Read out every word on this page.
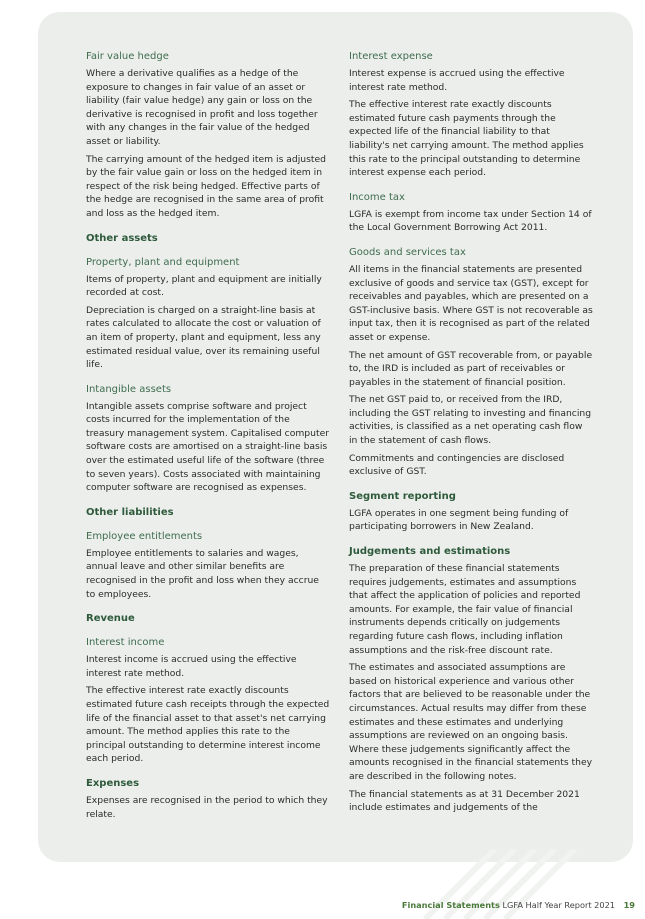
Fair value hedge

Where a derivative qualifies as a hedge of the exposure to changes in fair value of an asset or liability (fair value hedge) any gain or loss on the derivative is recognised in profit and loss together with any changes in the fair value of the hedged asset or liability.

The carrying amount of the hedged item is adjusted by the fair value gain or loss on the hedged item in respect of the risk being hedged. Effective parts of the hedge are recognised in the same area of profit and loss as the hedged item.

Other assets
Property, plant and equipment

Items of property, plant and equipment are initially recorded at cost.

Depreciation is charged on a straight-line basis at rates calculated to allocate the cost or valuation of an item of property, plant and equipment, less any estimated residual value, over its remaining useful life.

Intangible assets

Intangible assets comprise software and project costs incurred for the implementation of the treasury management system. Capitalised computer software costs are amortised on a straight-line basis over the estimated useful life of the software (three to seven years). Costs associated with maintaining computer software are recognised as expenses.

Other liabilities
Employee entitlements

Employee entitlements to salaries and wages, annual leave and other similar benefits are recognised in the profit and loss when they accrue to employees.

Revenue
Interest income

Interest income is accrued using the effective interest rate method.

The effective interest rate exactly discounts estimated future cash receipts through the expected life of the financial asset to that asset's net carrying amount. The method applies this rate to the principal outstanding to determine interest income each period.

Expenses

Expenses are recognised in the period to which they relate.

Interest expense

Interest expense is accrued using the effective interest rate method.

The effective interest rate exactly discounts estimated future cash payments through the expected life of the financial liability to that liability's net carrying amount. The method applies this rate to the principal outstanding to determine interest expense each period.

Income tax

LGFA is exempt from income tax under Section 14 of the Local Government Borrowing Act 2011.

Goods and services tax

All items in the financial statements are presented exclusive of goods and service tax (GST), except for receivables and payables, which are presented on a GST-inclusive basis. Where GST is not recoverable as input tax, then it is recognised as part of the related asset or expense.

The net amount of GST recoverable from, or payable to, the IRD is included as part of receivables or payables in the statement of financial position.

The net GST paid to, or received from the IRD, including the GST relating to investing and financing activities, is classified as a net operating cash flow in the statement of cash flows.

Commitments and contingencies are disclosed exclusive of GST.

Segment reporting

LGFA operates in one segment being funding of participating borrowers in New Zealand.

Judgements and estimations

The preparation of these financial statements requires judgements, estimates and assumptions that affect the application of policies and reported amounts. For example, the fair value of financial instruments depends critically on judgements regarding future cash flows, including inflation assumptions and the risk-free discount rate.

The estimates and associated assumptions are based on historical experience and various other factors that are believed to be reasonable under the circumstances. Actual results may differ from these estimates and these estimates and underlying assumptions are reviewed on an ongoing basis. Where these judgements significantly affect the amounts recognised in the financial statements they are described in the following notes.

The financial statements as at 31 December 2021 include estimates and judgements of the

Financial Statements LGFA Half Year Report 2021 19
